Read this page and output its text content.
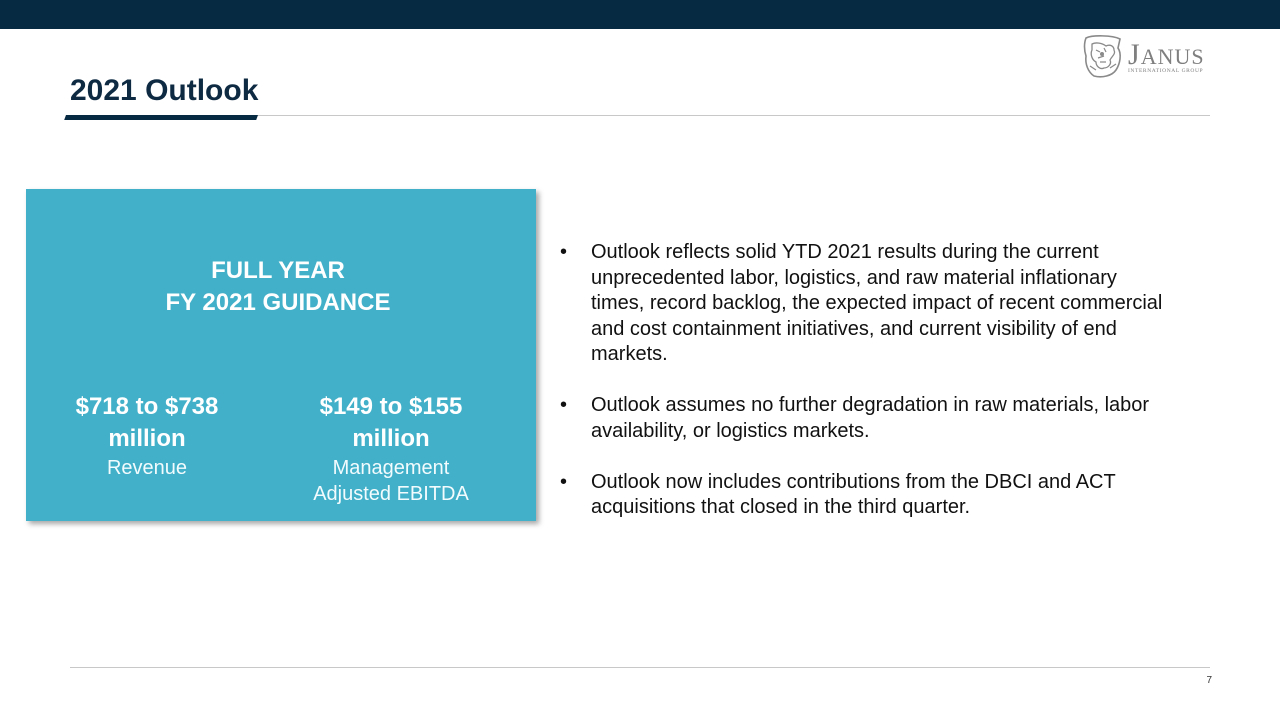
2021 Outlook
JANUS
INTERNATIONAL GROUP
FULL YEAR
FY 2021 GUIDANCE
$718 to $738
million
Revenue
$149 to $155
million
Management
Adjusted EBITDA
• Outlook reflects solid YTD 2021 results during the current unprecedented labor, logistics, and raw material inflationary times, record backlog, the expected impact of recent commercial and cost containment initiatives, and current visibility of end markets.
• Outlook assumes no further degradation in raw materials, labor availability, or logistics markets.
• Outlook now includes contributions from the DBCI and ACT acquisitions that closed in the third quarter.
7
